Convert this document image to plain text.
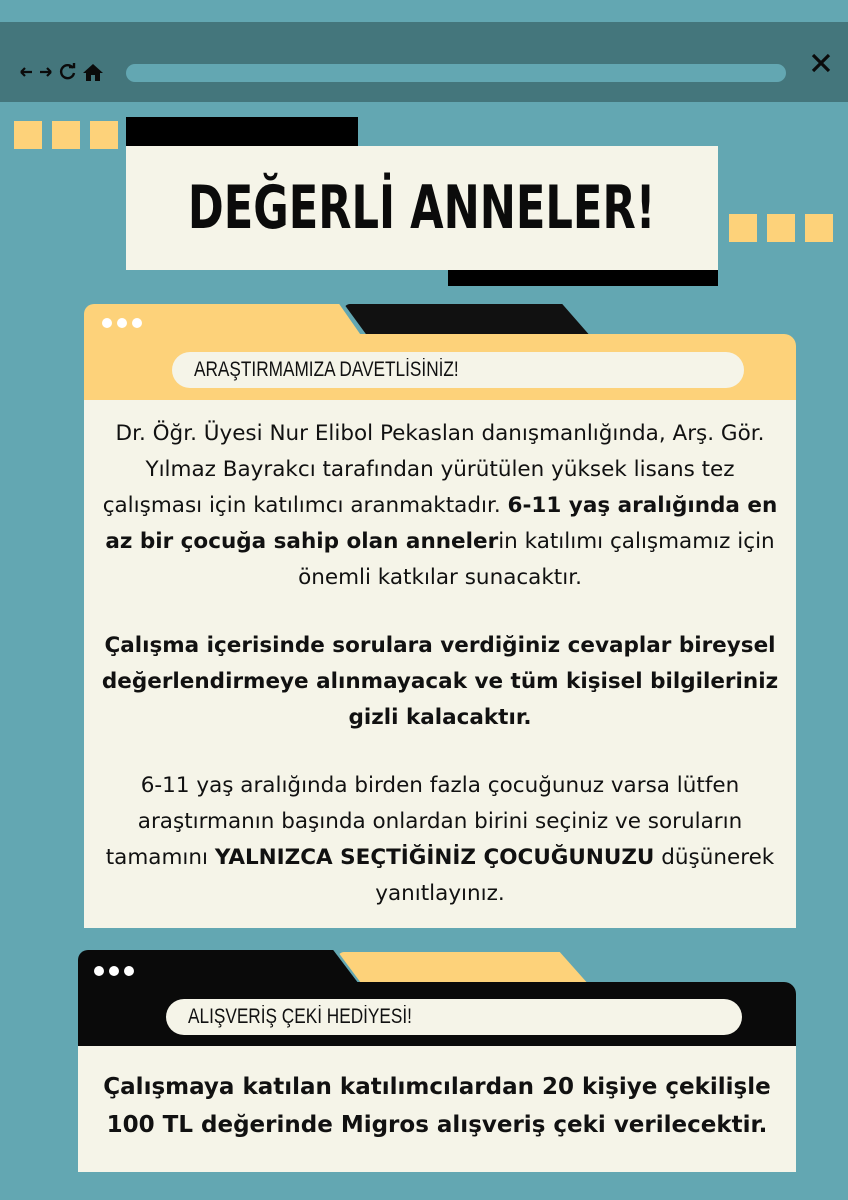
DEĞERLİ ANNELER!
ARAŞTIRMAMIZA DAVETLİSİNİZ!

Dr. Öğr. Üyesi Nur Elibol Pekaslan danışmanlığında, Arş. Gör. Yılmaz Bayrakcı tarafından yürütülen yüksek lisans tez çalışması için katılımcı aranmaktadır. 6-11 yaş aralığında en az bir çocuğa sahip olan annelerin katılımı çalışmamız için önemli katkılar sunacaktır.

Çalışma içerisinde sorulara verdiğiniz cevaplar bireysel değerlendirmeye alınmayacak ve tüm kişisel bilgileriniz gizli kalacaktır.

6-11 yaş aralığında birden fazla çocuğunuz varsa lütfen araştırmanın başında onlardan birini seçiniz ve soruların tamamını YALNIZCA SEÇTİĞİNİZ ÇOCUĞUNUZU düşünerek yanıtlayınız.

ALIŞVERİŞ ÇEKİ HEDİYESİ!

Çalışmaya katılan katılımcılardan 20 kişiye çekilişle 100 TL değerinde Migros alışveriş çeki verilecektir.
